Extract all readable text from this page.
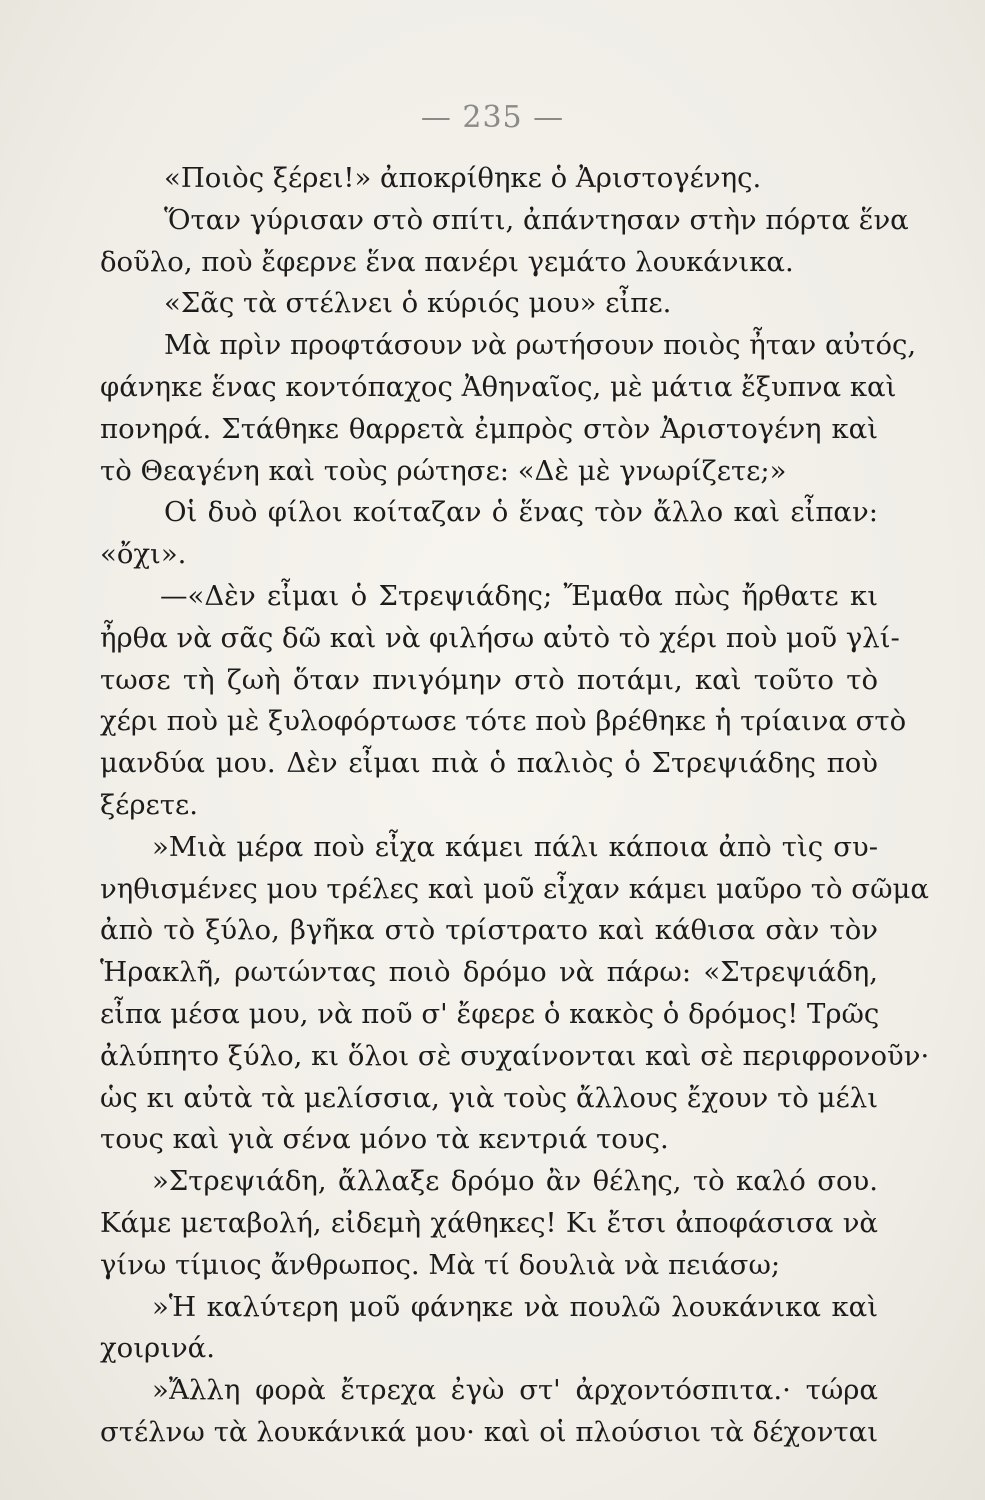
— 235 —
«Ποιὸς ξέρει!» ἀποκρίθηκε ὁ Ἀριστογένης.
Ὅταν γύρισαν στὸ σπίτι, ἀπάντησαν στὴν πόρτα ἕνα
δοῦλο, ποὺ ἔφερνε ἕνα πανέρι γεμάτο λουκάνικα.
«Σᾶς τὰ στέλνει ὁ κύριός μου» εἶπε.
Μὰ πρὶν προφτάσουν νὰ ρωτήσουν ποιὸς ἦταν αὐτός,
φάνηκε ἕνας κοντόπαχος Ἀθηναῖος, μὲ μάτια ἔξυπνα καὶ
πονηρά. Στάθηκε θαρρετὰ ἐμπρὸς στὸν Ἀριστογένη καὶ
τὸ Θεαγένη καὶ τοὺς ρώτησε: «Δὲ μὲ γνωρίζετε;»
Οἱ δυὸ φίλοι κοίταζαν ὁ ἕνας τὸν ἄλλο καὶ εἶπαν:
«ὄχι».
—«Δὲν εἶμαι ὁ Στρεψιάδης; Ἔμαθα πὼς ἤρθατε κι
ἦρθα νὰ σᾶς δῶ καὶ νὰ φιλήσω αὐτὸ τὸ χέρι ποὺ μοῦ γλί-
τωσε τὴ ζωὴ ὅταν πνιγόμην στὸ ποτάμι, καὶ τοῦτο τὸ
χέρι ποὺ μὲ ξυλοφόρτωσε τότε ποὺ βρέθηκε ἡ τρίαινα στὸ
μανδύα μου. Δὲν εἶμαι πιὰ ὁ παλιὸς ὁ Στρεψιάδης ποὺ
ξέρετε.
»Μιὰ μέρα ποὺ εἶχα κάμει πάλι κάποια ἀπὸ τὶς συ-
νηθισμένες μου τρέλες καὶ μοῦ εἶχαν κάμει μαῦρο τὸ σῶμα
ἀπὸ τὸ ξύλο, βγῆκα στὸ τρίστρατο καὶ κάθισα σὰν τὸν
Ἡρακλῆ, ρωτώντας ποιὸ δρόμο νὰ πάρω: «Στρεψιάδη,
εἶπα μέσα μου, νὰ ποῦ σ' ἔφερε ὁ κακὸς ὁ δρόμος! Τρῶς
ἀλύπητο ξύλο, κι ὅλοι σὲ συχαίνονται καὶ σὲ περιφρονοῦν·
ὡς κι αὐτὰ τὰ μελίσσια, γιὰ τοὺς ἄλλους ἔχουν τὸ μέλι
τους καὶ γιὰ σένα μόνο τὰ κεντριά τους.
»Στρεψιάδη, ἄλλαξε δρόμο ἂν θέλης, τὸ καλό σου.
Κάμε μεταβολή, εἰδεμὴ χάθηκες! Κι ἔτσι ἀποφάσισα νὰ
γίνω τίμιος ἄνθρωπος. Μὰ τί δουλιὰ νὰ πειάσω;
»Ἡ καλύτερη μοῦ φάνηκε νὰ πουλῶ λουκάνικα καὶ
χοιρινά.
»Ἄλλη φορὰ ἔτρεχα ἐγὼ στ' ἀρχοντόσπιτα.· τώρα
στέλνω τὰ λουκάνικά μου· καὶ οἱ πλούσιοι τὰ δέχονται
